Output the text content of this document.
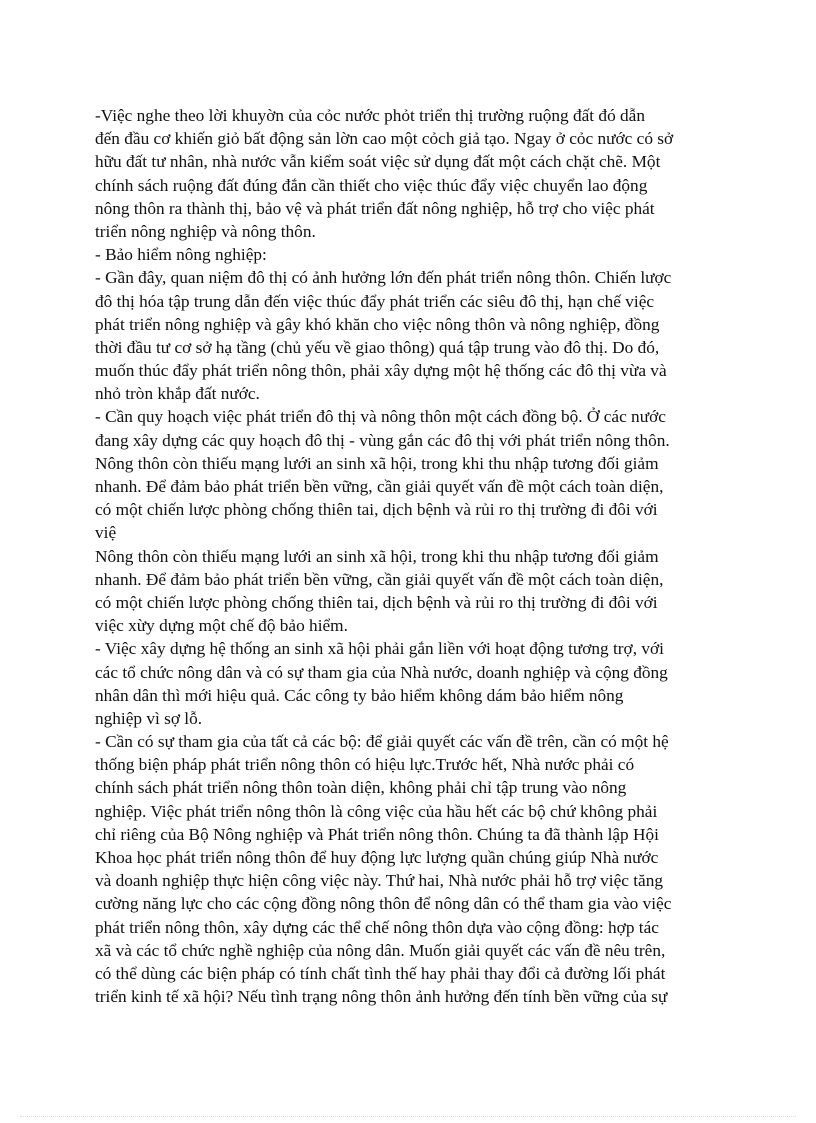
-Việc nghe theo lời khuyờn của cỏc nước phỏt triển thị trường ruộng đất đó dẫn
đến đầu cơ khiến giỏ bất động sản lờn cao một cỏch giả tạo. Ngay ở cỏc nước có sở
hữu đất tư nhân, nhà nước vẫn kiểm soát việc sử dụng đất một cách chặt chẽ. Một
chính sách ruộng đất đúng đắn cần thiết cho việc thúc đẩy việc chuyển lao động
nông thôn ra thành thị, bảo vệ và phát triển đất nông nghiệp, hỗ trợ cho việc phát
triển nông nghiệp và nông thôn.
- Bảo hiểm nông nghiệp:
- Gần đây, quan niệm đô thị có ảnh hưởng lớn đến phát triển nông thôn. Chiến lược
đô thị hóa tập trung dẫn đến việc thúc đẩy phát triển các siêu đô thị, hạn chế việc
phát triển nông nghiệp và gây khó khăn cho việc nông thôn và nông nghiệp, đồng
thời đầu tư cơ sở hạ tầng (chủ yếu về giao thông) quá tập trung vào đô thị. Do đó,
muốn thúc đẩy phát triển nông thôn, phải xây dựng một hệ thống các đô thị vừa và
nhỏ tròn khắp đất nước.
- Cần quy hoạch việc phát triển đô thị và nông thôn một cách đồng bộ. Ở các nước
đang xây dựng các quy hoạch đô thị - vùng gắn các đô thị với phát triển nông thôn.
Nông thôn còn thiếu mạng lưới an sinh xã hội, trong khi thu nhập tương đối giảm
nhanh. Để đảm bảo phát triển bền vững, cần giải quyết vấn đề một cách toàn diện,
có một chiến lược phòng chống thiên tai, dịch bệnh và rủi ro thị trường đi đôi với
việ
Nông thôn còn thiếu mạng lưới an sinh xã hội, trong khi thu nhập tương đối giảm
nhanh. Để đảm bảo phát triển bền vững, cần giải quyết vấn đề một cách toàn diện,
có một chiến lược phòng chống thiên tai, dịch bệnh và rủi ro thị trường đi đôi với
việc xừy dựng một chế độ bảo hiểm.
- Việc xây dựng hệ thống an sinh xã hội phải gắn liền với hoạt động tương trợ, với
các tổ chức nông dân và có sự tham gia của Nhà nước, doanh nghiệp và cộng đồng
nhân dân thì mới hiệu quả. Các công ty bảo hiểm không dám bảo hiểm nông
nghiệp vì sợ lỗ.
- Cần có sự tham gia của tất cả các bộ: để giải quyết các vấn đề trên, cần có một hệ
thống biện pháp phát triển nông thôn có hiệu lực.Trước hết, Nhà nước phải có
chính sách phát triển nông thôn toàn diện, không phải chỉ tập trung vào nông
nghiệp. Việc phát triển nông thôn là công việc của hầu hết các bộ chứ không phải
chỉ riêng của Bộ Nông nghiệp và Phát triển nông thôn. Chúng ta đã thành lập Hội
Khoa học phát triển nông thôn để huy động lực lượng quần chúng giúp Nhà nước
và doanh nghiệp thực hiện công việc này. Thứ hai, Nhà nước phải hỗ trợ việc tăng
cường năng lực cho các cộng đồng nông thôn để nông dân có thể tham gia vào việc
phát triển nông thôn, xây dựng các thể chế nông thôn dựa vào cộng đồng: hợp tác
xã và các tổ chức nghề nghiệp của nông dân. Muốn giải quyết các vấn đề nêu trên,
có thể dùng các biện pháp có tính chất tình thế hay phải thay đổi cả đường lối phát
triển kinh tế xã hội? Nếu tình trạng nông thôn ảnh hưởng đến tính bền vững của sự
